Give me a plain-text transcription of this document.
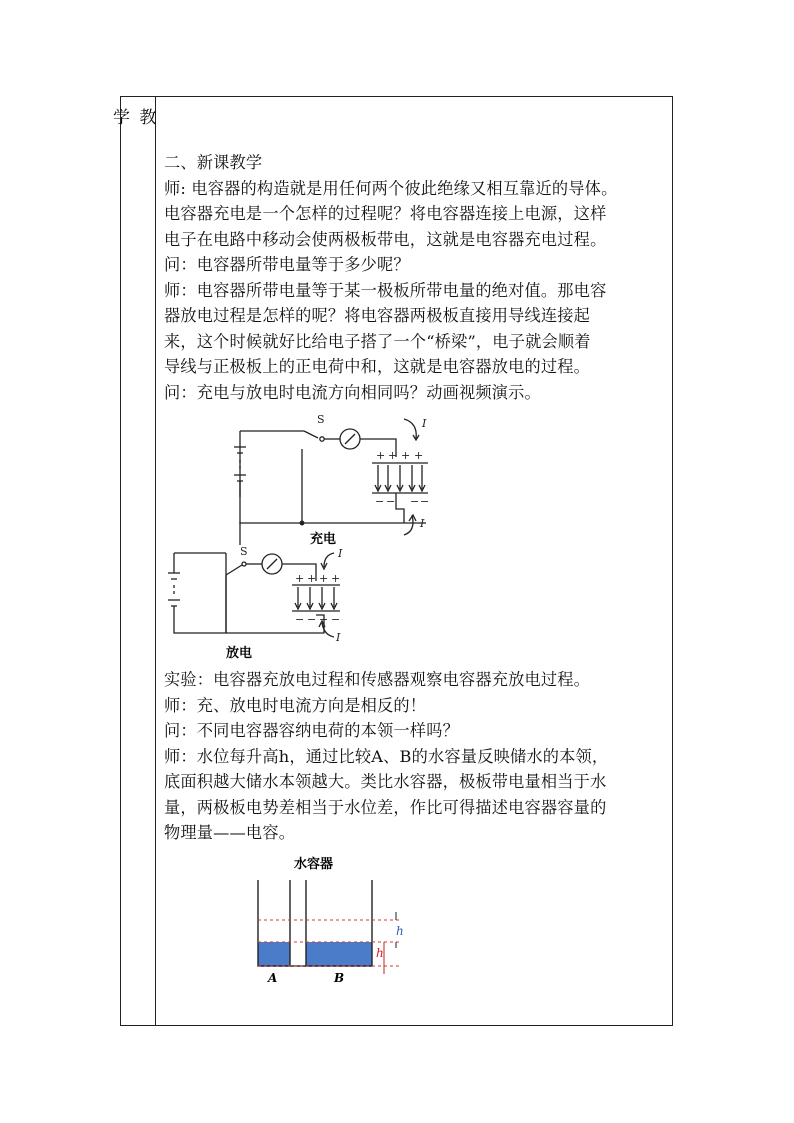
学 教

二、新课教学

师: 电容器的构造就是用任何两个彼此绝缘又相互靠近的导体。

电容器充电是一个怎样的过程呢？将电容器连接上电源，这样

电子在电路中移动会使两极板带电，这就是电容器充电过程。

问：电容器所带电量等于多少呢？

师：电容器所带电量等于某一极板所带电量的绝对值。那电容

器放电过程是怎样的呢？将电容器两极板直接用导线连接起

来，这个时候就好比给电子搭了一个“桥梁”，电子就会顺着

导线与正极板上的正电荷中和，这就是电容器放电的过程。

问：充电与放电时电流方向相同吗？动画视频演示。

S	I
I
+ + + +
− − − −
充电
S	I
I
+ + + +
− − − −
放电

实验：电容器充放电过程和传感器观察电容器充放电过程。

师：充、放电时电流方向是相反的！

问：不同电容器容纳电荷的本领一样吗？

师：水位每升高h，通过比较A、B的水容量反映储水的本领，

底面积越大储水本领越大。类比水容器，极板带电量相当于水

量，两极板电势差相当于水位差，作比可得描述电容器容量的

物理量——电容。

水容器
h
h
A	B
